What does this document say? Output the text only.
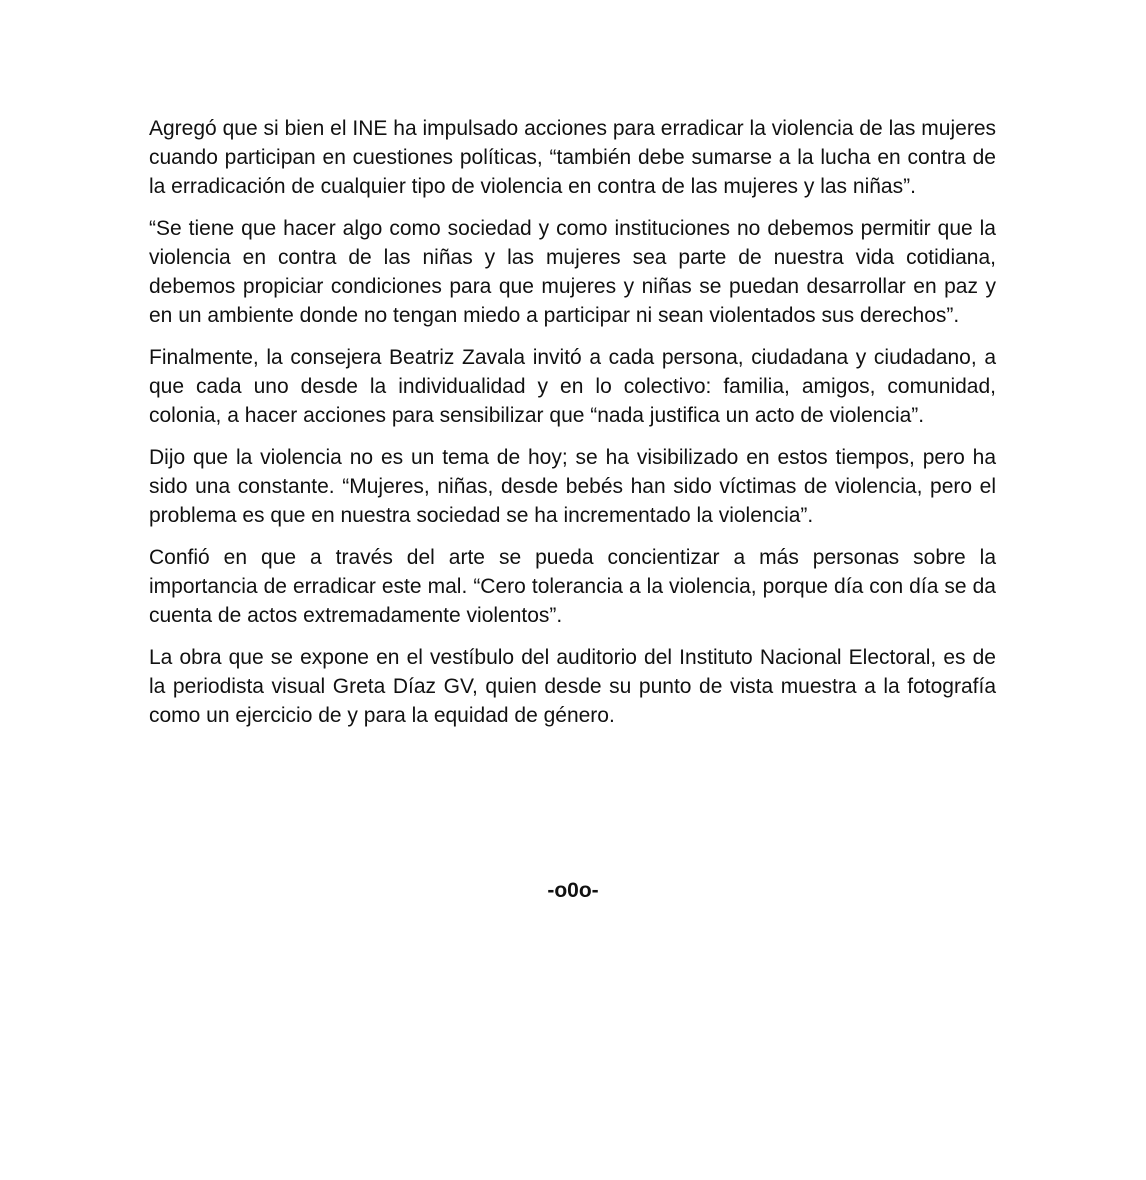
Agregó que si bien el INE ha impulsado acciones para erradicar la violencia de las mujeres cuando participan en cuestiones políticas, “también debe sumarse a la lucha en contra de la erradicación de cualquier tipo de violencia en contra de las mujeres y las niñas”.

“Se tiene que hacer algo como sociedad y como instituciones no debemos permitir que la violencia en contra de las niñas y las mujeres sea parte de nuestra vida cotidiana, debemos propiciar condiciones para que mujeres y niñas se puedan desarrollar en paz y en un ambiente donde no tengan miedo a participar ni sean violentados sus derechos”.

Finalmente, la consejera Beatriz Zavala invitó a cada persona, ciudadana y ciudadano, a que cada uno desde la individualidad y en lo colectivo: familia, amigos, comunidad, colonia, a hacer acciones para sensibilizar que “nada justifica un acto de violencia”.

Dijo que la violencia no es un tema de hoy; se ha visibilizado en estos tiempos, pero ha sido una constante. “Mujeres, niñas, desde bebés han sido víctimas de violencia, pero el problema es que en nuestra sociedad se ha incrementado la violencia”.

Confió en que a través del arte se pueda concientizar a más personas sobre la importancia de erradicar este mal. “Cero tolerancia a la violencia, porque día con día se da cuenta de actos extremadamente violentos”.

La obra que se expone en el vestíbulo del auditorio del Instituto Nacional Electoral, es de la periodista visual Greta Díaz GV, quien desde su punto de vista muestra a la fotografía como un ejercicio de y para la equidad de género.

-o0o-
